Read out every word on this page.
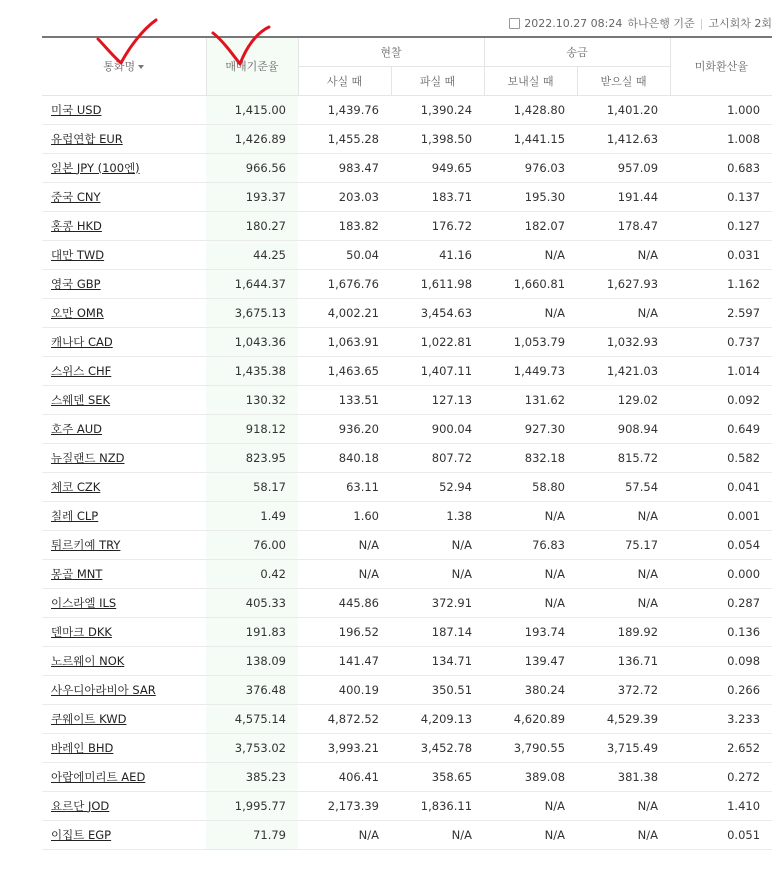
2022.10.27 08:24 하나은행 기준 | 고시회차 2회
통화명	매매기준율	현찰		송금		미화환산율
		사실 때	파실 때	보내실 때	받으실 때	
미국 USD	1,415.00	1,439.76	1,390.24	1,428.80	1,401.20	1.000
유럽연합 EUR	1,426.89	1,455.28	1,398.50	1,441.15	1,412.63	1.008
일본 JPY (100엔)	966.56	983.47	949.65	976.03	957.09	0.683
중국 CNY	193.37	203.03	183.71	195.30	191.44	0.137
홍콩 HKD	180.27	183.82	176.72	182.07	178.47	0.127
대만 TWD	44.25	50.04	41.16	N/A	N/A	0.031
영국 GBP	1,644.37	1,676.76	1,611.98	1,660.81	1,627.93	1.162
오만 OMR	3,675.13	4,002.21	3,454.63	N/A	N/A	2.597
캐나다 CAD	1,043.36	1,063.91	1,022.81	1,053.79	1,032.93	0.737
스위스 CHF	1,435.38	1,463.65	1,407.11	1,449.73	1,421.03	1.014
스웨덴 SEK	130.32	133.51	127.13	131.62	129.02	0.092
호주 AUD	918.12	936.20	900.04	927.30	908.94	0.649
뉴질랜드 NZD	823.95	840.18	807.72	832.18	815.72	0.582
체코 CZK	58.17	63.11	52.94	58.80	57.54	0.041
칠레 CLP	1.49	1.60	1.38	N/A	N/A	0.001
튀르키예 TRY	76.00	N/A	N/A	76.83	75.17	0.054
몽골 MNT	0.42	N/A	N/A	N/A	N/A	0.000
이스라엘 ILS	405.33	445.86	372.91	N/A	N/A	0.287
덴마크 DKK	191.83	196.52	187.14	193.74	189.92	0.136
노르웨이 NOK	138.09	141.47	134.71	139.47	136.71	0.098
사우디아라비아 SAR	376.48	400.19	350.51	380.24	372.72	0.266
쿠웨이트 KWD	4,575.14	4,872.52	4,209.13	4,620.89	4,529.39	3.233
바레인 BHD	3,753.02	3,993.21	3,452.78	3,790.55	3,715.49	2.652
아랍에미리트 AED	385.23	406.41	358.65	389.08	381.38	0.272
요르단 JOD	1,995.77	2,173.39	1,836.11	N/A	N/A	1.410
이집트 EGP	71.79	N/A	N/A	N/A	N/A	0.051
